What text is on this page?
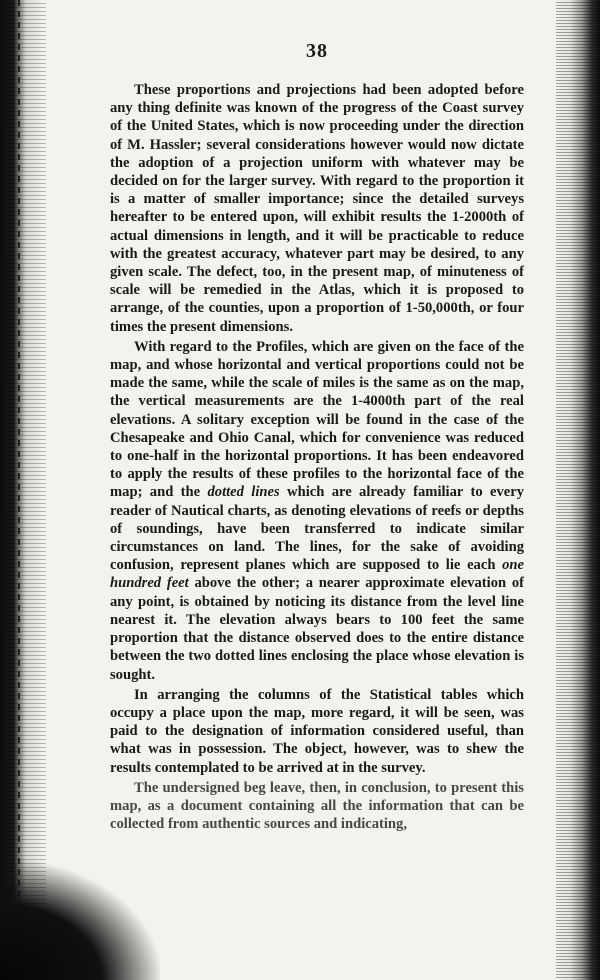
38

These proportions and projections had been adopted before any thing definite was known of the progress of the Coast survey of the United States, which is now proceeding under the direction of M. Hassler; several considerations however would now dictate the adoption of a projection uniform with whatever may be decided on for the larger survey. With regard to the proportion it is a matter of smaller importance; since the detailed surveys hereafter to be entered upon, will exhibit results the 1-2000th of actual dimensions in length, and it will be practicable to reduce with the greatest accuracy, whatever part may be desired, to any given scale. The defect, too, in the present map, of minuteness of scale will be remedied in the Atlas, which it is proposed to arrange, of the counties, upon a proportion of 1-50,000th, or four times the present dimensions.

With regard to the Profiles, which are given on the face of the map, and whose horizontal and vertical proportions could not be made the same, while the scale of miles is the same as on the map, the vertical measurements are the 1-4000th part of the real elevations. A solitary exception will be found in the case of the Chesapeake and Ohio Canal, which for convenience was reduced to one-half in the horizontal proportions. It has been endeavored to apply the results of these profiles to the horizontal face of the map; and the dotted lines which are already familiar to every reader of Nautical charts, as denoting elevations of reefs or depths of soundings, have been transferred to indicate similar circumstances on land. The lines, for the sake of avoiding confusion, represent planes which are supposed to lie each one hundred feet above the other; a nearer approximate elevation of any point, is obtained by noticing its distance from the level line nearest it. The elevation always bears to 100 feet the same proportion that the distance observed does to the entire distance between the two dotted lines enclosing the place whose elevation is sought.

In arranging the columns of the Statistical tables which occupy a place upon the map, more regard, it will be seen, was paid to the designation of information considered useful, than what was in possession. The object, however, was to shew the results contemplated to be arrived at in the survey.

The undersigned beg leave, then, in conclusion, to present this map, as a document containing all the information that can be collected from authentic sources and indicating,
